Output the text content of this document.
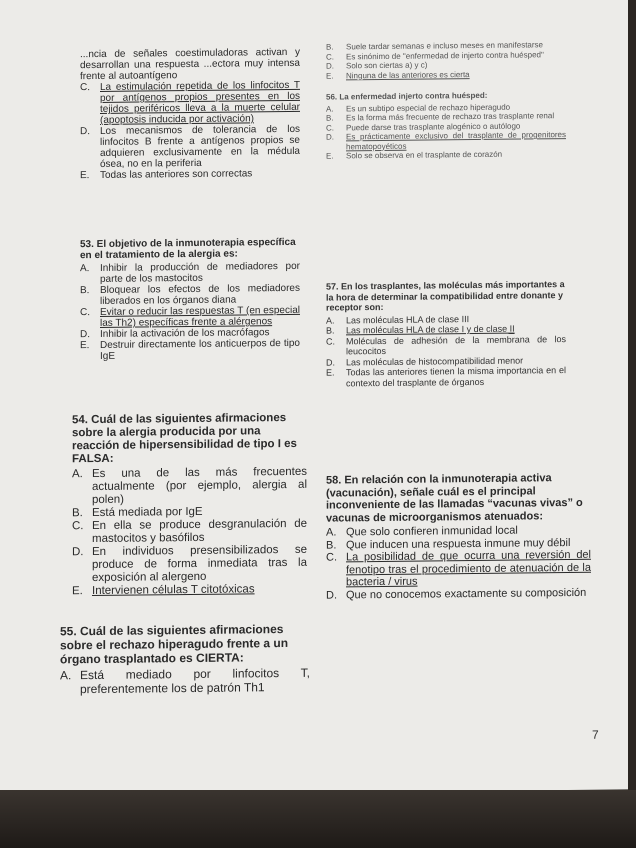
...ncia de señales coestimuladoras activan y desarrollan una respuesta ...ectora muy intensa frente al autoantígeno

C.	La estimulación repetida de los linfocitos T por antígenos propios presentes en los tejidos periféricos lleva a la muerte celular (apoptosis inducida por activación)
D.	Los mecanismos de tolerancia de los linfocitos B frente a antígenos propios se adquieren exclusivamente en la médula ósea, no en la periferia
E.	Todas las anteriores son correctas

53. El objetivo de la inmunoterapia específica en el tratamiento de la alergia es:

A.	Inhibir la producción de mediadores por parte de los mastocitos
B.	Bloquear los efectos de los mediadores liberados en los órganos diana
C.	Evitar o reducir las respuestas T (en especial las Th2) específicas frente a alérgenos
D.	Inhibir la activación de los macrófagos
E.	Destruir directamente los anticuerpos de tipo IgE

54. Cuál de las siguientes afirmaciones sobre la alergia producida por una reacción de hipersensibilidad de tipo I es FALSA:

A. Es una de las más frecuentes actualmente (por ejemplo, alergia al polen)
B. Está mediada por IgE
C. En ella se produce desgranulación de mastocitos y basófilos
D. En individuos presensibilizados se produce de forma inmediata tras la exposición al alergeno
E. Intervienen células T citotóxicas

55. Cuál de las siguientes afirmaciones sobre el rechazo hiperagudo frente a un órgano trasplantado es CIERTA:

A. Está mediado por linfocitos T, preferentemente los de patrón Th1
B.	Suele tardar semanas e incluso meses en manifestarse
C.	Es sinónimo de "enfermedad de injerto contra huésped"
D.	Solo son ciertas a) y c)
E.	Ninguna de las anteriores es cierta

56. La enfermedad injerto contra huésped:

A.	Es un subtipo especial de rechazo hiperagudo
B.	Es la forma más frecuente de rechazo tras trasplante renal
C.	Puede darse tras trasplante alogénico o autólogo
D.	Es prácticamente exclusivo del trasplante de progenitores hematopoyéticos
E.	Solo se observa en el trasplante de corazón

57. En los trasplantes, las moléculas más importantes a la hora de determinar la compatibilidad entre donante y receptor son:

A.	Las moléculas HLA de clase III
B.	Las moléculas HLA de clase I y de clase II
C.	Moléculas de adhesión de la membrana de los leucocitos
D.	Las moléculas de histocompatibilidad menor
E.	Todas las anteriores tienen la misma importancia en el contexto del trasplante de órganos

58. En relación con la inmunoterapia activa (vacunación), señale cuál es el principal inconveniente de las llamadas “vacunas vivas” o vacunas de microorganismos atenuados:

A. Que solo confieren inmunidad local
B. Que inducen una respuesta inmune muy débil
C. La posibilidad de que ocurra una reversión del fenotipo tras el procedimiento de atenuación de la bacteria / virus
D. Que no conocemos exactamente su composición
7
